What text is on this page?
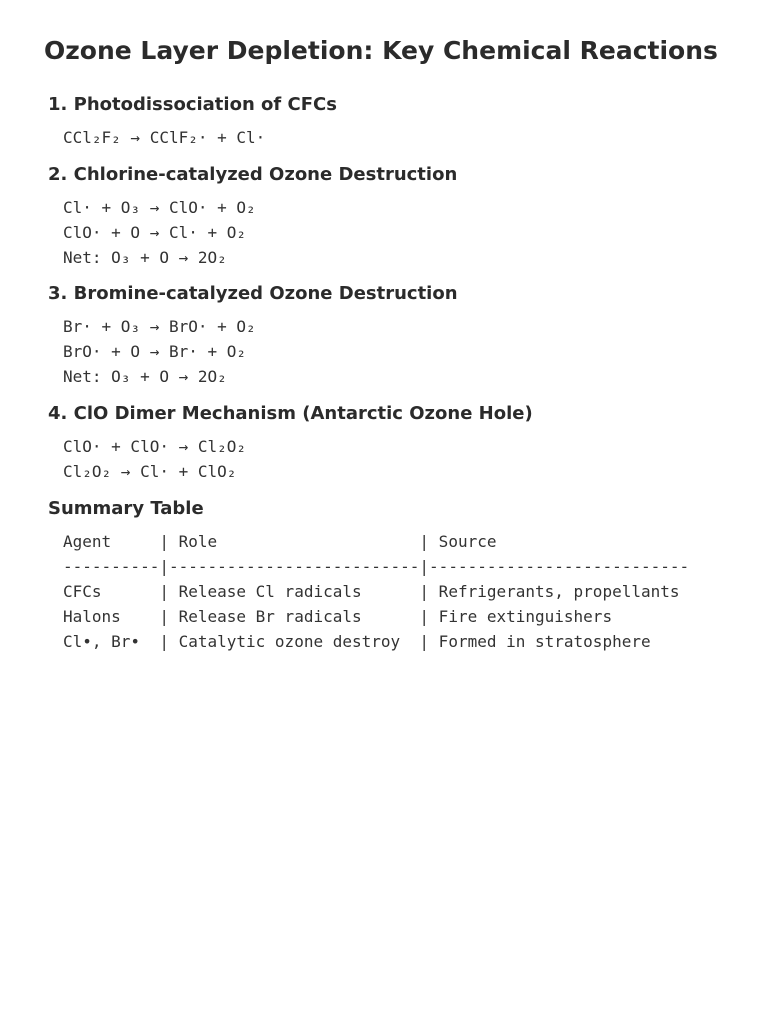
Ozone Layer Depletion: Key Chemical Reactions
1. Photodissociation of CFCs
CCl₂F₂ → CClF₂· + Cl·
2. Chlorine-catalyzed Ozone Destruction
Cl· + O₃ → ClO· + O₂
ClO· + O → Cl· + O₂
Net: O₃ + O → 2O₂
3. Bromine-catalyzed Ozone Destruction
Br· + O₃ → BrO· + O₂
BrO· + O → Br· + O₂
Net: O₃ + O → 2O₂
4. ClO Dimer Mechanism (Antarctic Ozone Hole)
ClO· + ClO· → Cl₂O₂
Cl₂O₂ → Cl· + ClO₂
Summary Table
Agent     | Role                     | Source
----------|--------------------------|---------------------------
CFCs      | Release Cl radicals      | Refrigerants, propellants
Halons    | Release Br radicals      | Fire extinguishers
Cl•, Br•  | Catalytic ozone destroy  | Formed in stratosphere
